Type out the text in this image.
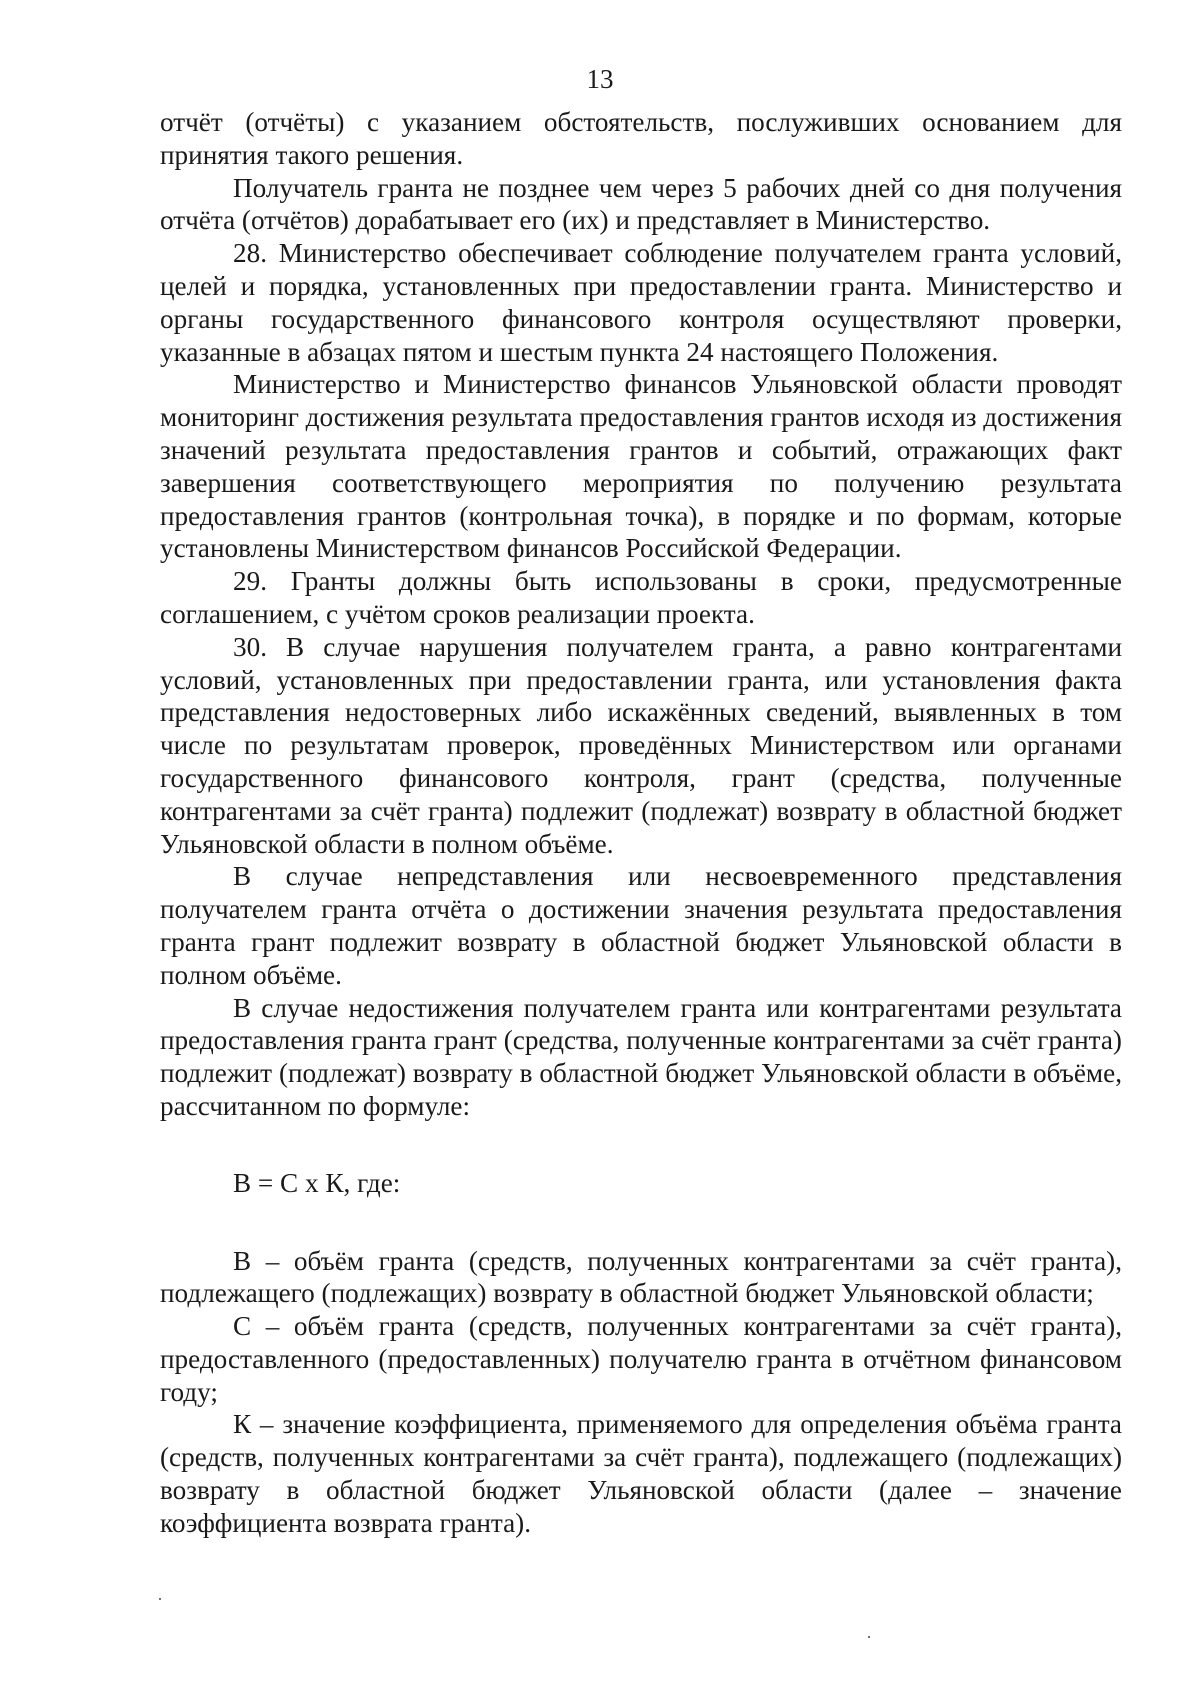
13

отчёт (отчёты) с указанием обстоятельств, послуживших основанием для принятия такого решения.

Получатель гранта не позднее чем через 5 рабочих дней со дня получения отчёта (отчётов) дорабатывает его (их) и представляет в Министерство.

28. Министерство обеспечивает соблюдение получателем гранта условий, целей и порядка, установленных при предоставлении гранта. Министерство и органы государственного финансового контроля осуществляют проверки, указанные в абзацах пятом и шестым пункта 24 настоящего Положения.

Министерство и Министерство финансов Ульяновской области проводят мониторинг достижения результата предоставления грантов исходя из достижения значений результата предоставления грантов и событий, отражающих факт завершения соответствующего мероприятия по получению результата предоставления грантов (контрольная точка), в порядке и по формам, которые установлены Министерством финансов Российской Федерации.

29. Гранты должны быть использованы в сроки, предусмотренные соглашением, с учётом сроков реализации проекта.

30. В случае нарушения получателем гранта, а равно контрагентами условий, установленных при предоставлении гранта, или установления факта представления недостоверных либо искажённых сведений, выявленных в том числе по результатам проверок, проведённых Министерством или органами государственного финансового контроля, грант (средства, полученные контрагентами за счёт гранта) подлежит (подлежат) возврату в областной бюджет Ульяновской области в полном объёме.

В случае непредставления или несвоевременного представления получателем гранта отчёта о достижении значения результата предоставления гранта грант подлежит возврату в областной бюджет Ульяновской области в полном объёме.

В случае недостижения получателем гранта или контрагентами результата предоставления гранта грант (средства, полученные контрагентами за счёт гранта) подлежит (подлежат) возврату в областной бюджет Ульяновской области в объёме, рассчитанном по формуле:

В = С х К, где:

В – объём гранта (средств, полученных контрагентами за счёт гранта), подлежащего (подлежащих) возврату в областной бюджет Ульяновской области;

С – объём гранта (средств, полученных контрагентами за счёт гранта), предоставленного (предоставленных) получателю гранта в отчётном финансовом году;

К – значение коэффициента, применяемого для определения объёма гранта (средств, полученных контрагентами за счёт гранта), подлежащего (подлежащих) возврату в областной бюджет Ульяновской области (далее – значение коэффициента возврата гранта).
